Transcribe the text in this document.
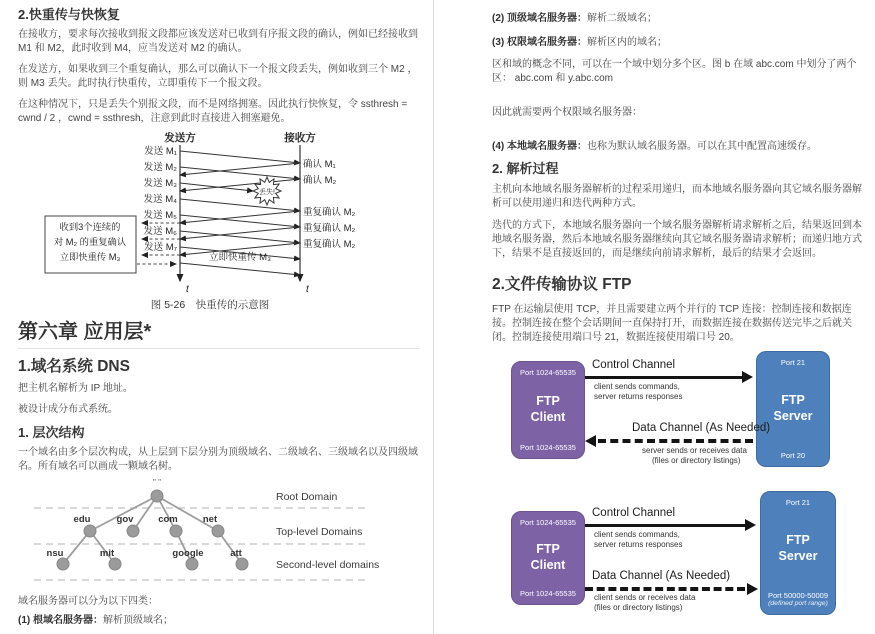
2.快重传与快恢复

在接收方，要求每次接收到报文段都应该发送对已收到有序报文段的确认，例如已经接收到 M1 和 M2，此时收到 M4，应当发送对 M2 的确认。

在发送方，如果收到三个重复确认，那么可以确认下一个报文段丢失，例如收到三个 M2 ，则 M3 丢失。此时执行快重传，立即重传下一个报文段。

在这种情况下，只是丢失个别报文段，而不是网络拥塞。因此执行快恢复，令 ssthresh = cwnd / 2 ，cwnd = ssthresh，注意到此时直接进入拥塞避免。

发送方	接收方
发送 M₁
发送 M₂
发送 M₃
发送 M₄
发送 M₅
发送 M₆
发送 M₇
确认 M₁
确认 M₂
重复确认 M₂
重复确认 M₂
重复确认 M₂
丢失!
收到3个连续的
对 M₂ 的重复确认
立即快重传 M₃	立即快重传 M₃
t	t
图 5-26　快重传的示意图
第六章 应用层*
1.域名系统 DNS

把主机名解析为 IP 地址。

被设计成分布式系统。

1. 层次结构

一个域名由多个层次构成，从上层到下层分别为顶级域名、二级域名、三级域名以及四级域名。所有域名可以画成一颗域名树。

" "
edu	gov	com	net
nsu	mit	google	att
Root Domain
Top-level Domains
Second-level domains

域名服务器可以分为以下四类：

(1) 根域名服务器：解析顶级域名；

(2) 顶级域名服务器：解析二级域名；

(3) 权限域名服务器：解析区内的域名；

区和域的概念不同，可以在一个域中划分多个区。图 b 在域 abc.com 中划分了两个区： abc.com 和 y.abc.com

因此就需要两个权限域名服务器：

(4) 本地域名服务器：也称为默认域名服务器。可以在其中配置高速缓存。

2. 解析过程

主机向本地域名服务器解析的过程采用递归，而本地域名服务器向其它域名服务器解析可以使用递归和迭代两种方式。

迭代的方式下，本地域名服务器向一个域名服务器解析请求解析之后，结果返回到本地域名服务器，然后本地域名服务器继续向其它域名服务器请求解析；而递归地方式下，结果不是直接返回的，而是继续向前请求解析，最后的结果才会返回。

2.文件传输协议 FTP

FTP 在运输层使用 TCP，并且需要建立两个并行的 TCP 连接：控制连接和数据连接。控制连接在整个会话期间一直保持打开，而数据连接在数据传送完毕之后就关闭。控制连接使用端口号 21，数据连接使用端口号 20。

Port 1024-65535
FTP Client
Port 1024-65535
Port 21
FTP Server
Port 20
Control Channel
client sends commands,
server returns responses
Data Channel (As Needed)
server sends or receives data
(files or directory listings)
Port 1024-65535
FTP Client
Port 1024-65535
Port 21
FTP Server
Port 50000-50009
(defined port range)
Control Channel
client sends commands,
server returns responses
Data Channel (As Needed)
client sends or receives data
(files or directory listings)
